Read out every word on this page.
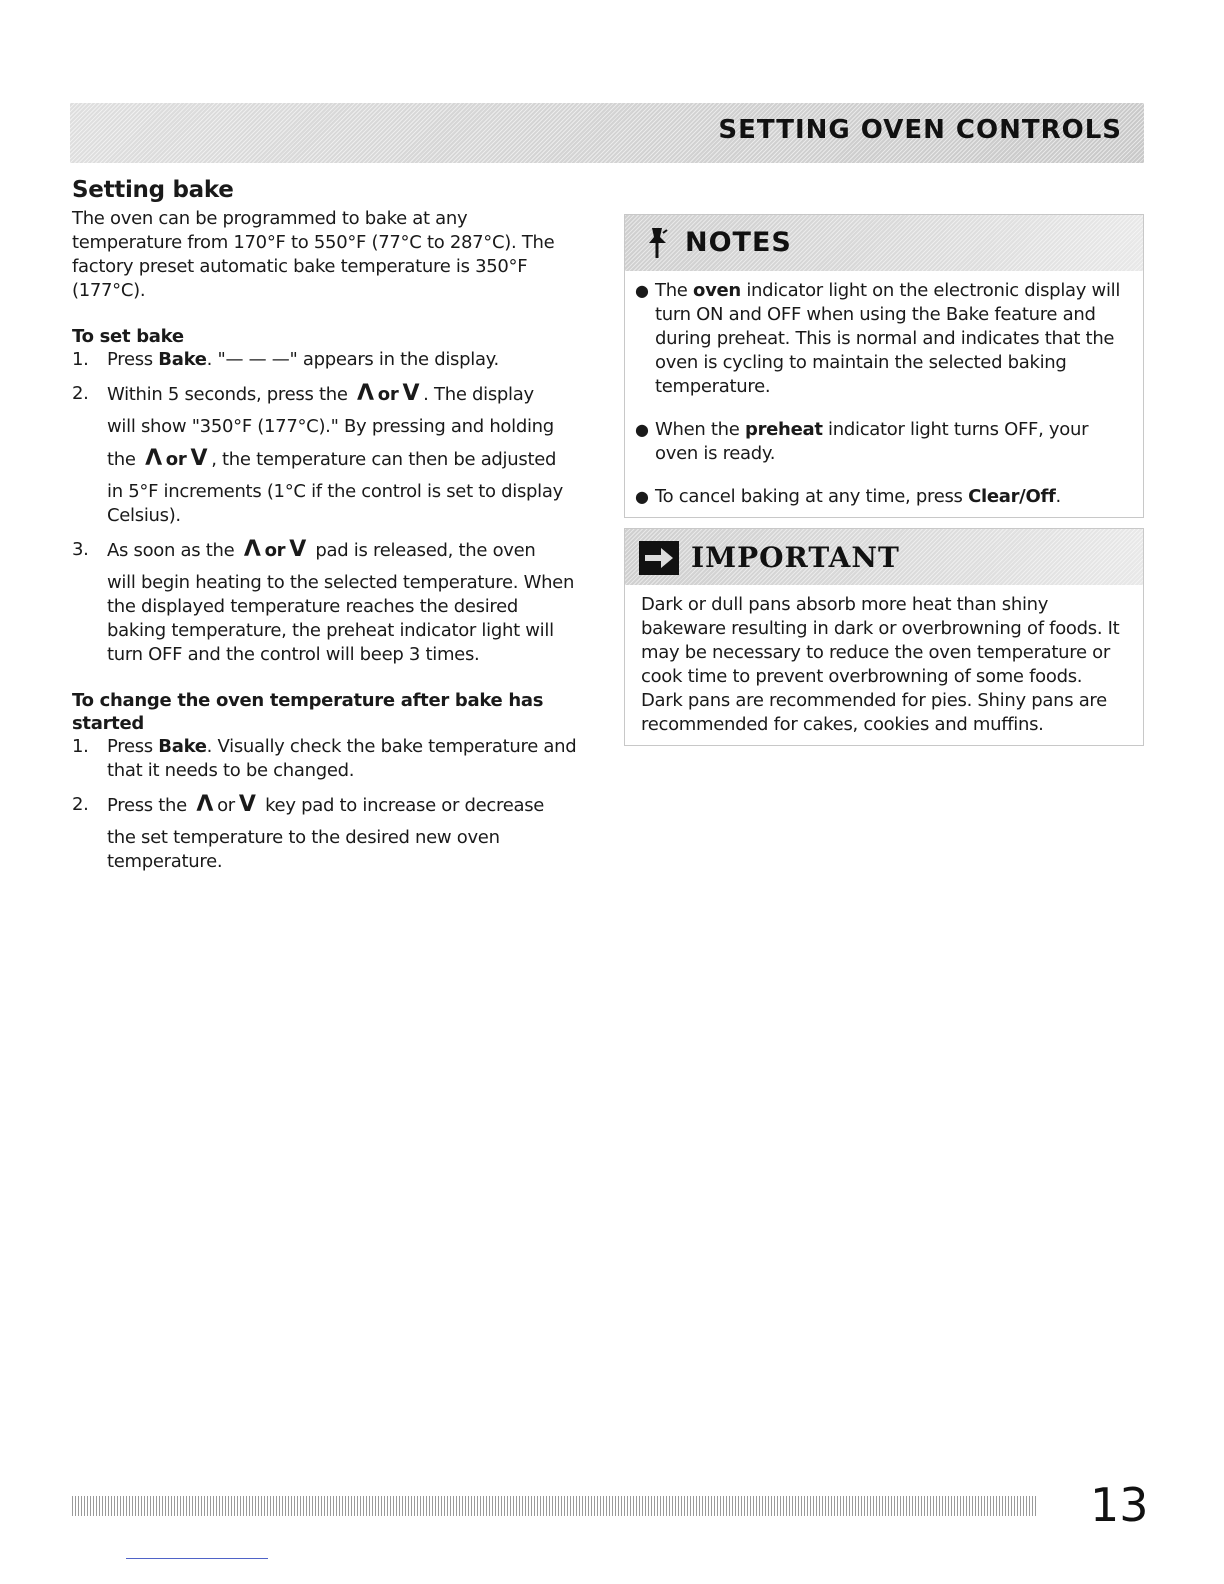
SETTING OVEN CONTROLS
Setting bake

The oven can be programmed to bake at any temperature from 170°F to 550°F (77°C to 287°C). The factory preset automatic bake temperature is 350°F (177°C).

To set bake
1. Press Bake. "— — —" appears in the display.
2. Within 5 seconds, press the Λ or V . The display
will show "350°F (177°C)." By pressing and holding
the Λ or V , the temperature can then be adjusted
in 5°F increments (1°C if the control is set to display Celsius).
3. As soon as the Λ or V pad is released, the oven
will begin heating to the selected temperature. When the displayed temperature reaches the desired baking temperature, the preheat indicator light will turn OFF and the control will beep 3 times.
To change the oven temperature after bake has started
1. Press Bake. Visually check the bake temperature and that it needs to be changed.
2. Press the Λ or V key pad to increase or decrease
the set temperature to the desired new oven temperature.
NOTES
● The oven indicator light on the electronic display will turn ON and OFF when using the Bake feature and during preheat. This is normal and indicates that the oven is cycling to maintain the selected baking temperature.
● When the preheat indicator light turns OFF, your oven is ready.
● To cancel baking at any time, press Clear/Off.
IMPORTANT
Dark or dull pans absorb more heat than shiny bakeware resulting in dark or overbrowning of foods. It may be necessary to reduce the oven temperature or cook time to prevent overbrowning of some foods. Dark pans are recommended for pies. Shiny pans are recommended for cakes, cookies and muffins.
13
